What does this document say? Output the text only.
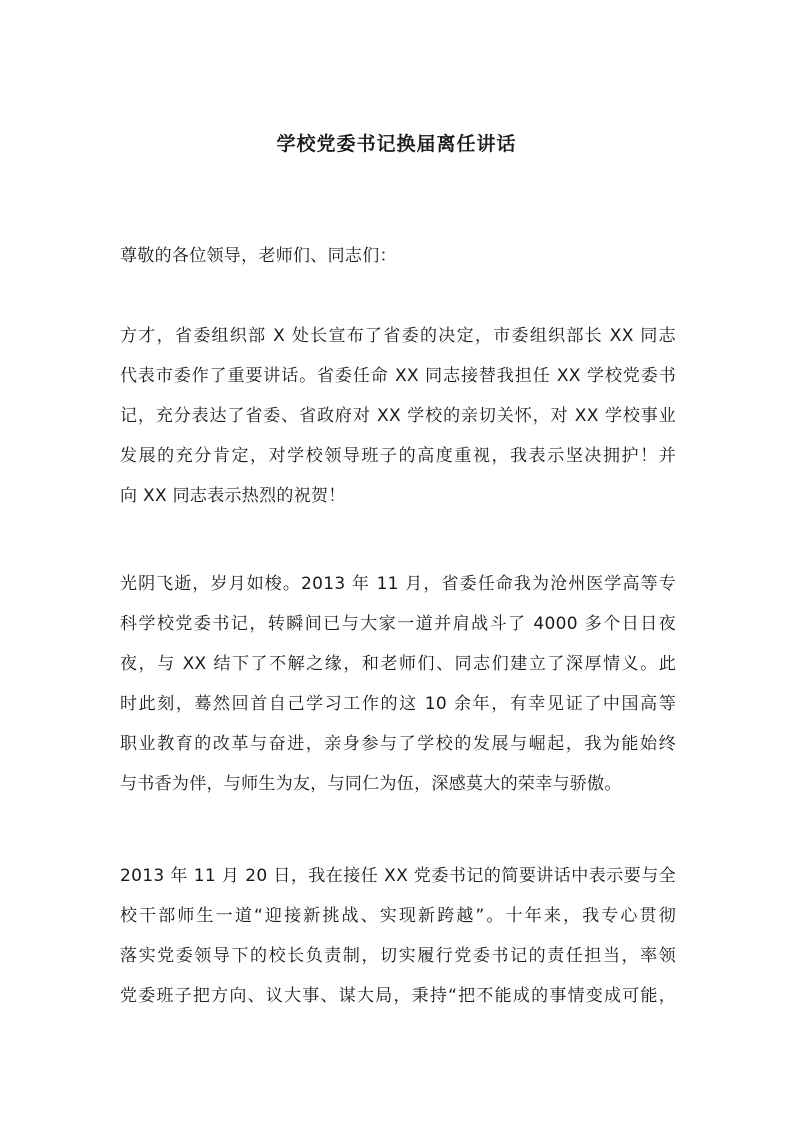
学校党委书记换届离任讲话
尊敬的各位领导，老师们、同志们：
方才，省委组织部 X 处长宣布了省委的决定，市委组织部长 XX 同志
代表市委作了重要讲话。省委任命 XX 同志接替我担任 XX 学校党委书
记，充分表达了省委、省政府对 XX 学校的亲切关怀，对 XX 学校事业
发展的充分肯定，对学校领导班子的高度重视，我表示坚决拥护！并
向 XX 同志表示热烈的祝贺！
光阴飞逝，岁月如梭。2013 年 11 月，省委任命我为沧州医学高等专
科学校党委书记，转瞬间已与大家一道并肩战斗了 4000 多个日日夜
夜，与 XX 结下了不解之缘，和老师们、同志们建立了深厚情义。此
时此刻，蓦然回首自己学习工作的这 10 余年，有幸见证了中国高等
职业教育的改革与奋进，亲身参与了学校的发展与崛起，我为能始终
与书香为伴，与师生为友，与同仁为伍，深感莫大的荣幸与骄傲。
2013 年 11 月 20 日，我在接任 XX 党委书记的简要讲话中表示要与全
校干部师生一道“迎接新挑战、实现新跨越”。十年来，我专心贯彻
落实党委领导下的校长负责制，切实履行党委书记的责任担当，率领
党委班子把方向、议大事、谋大局，秉持“把不能成的事情变成可能，
